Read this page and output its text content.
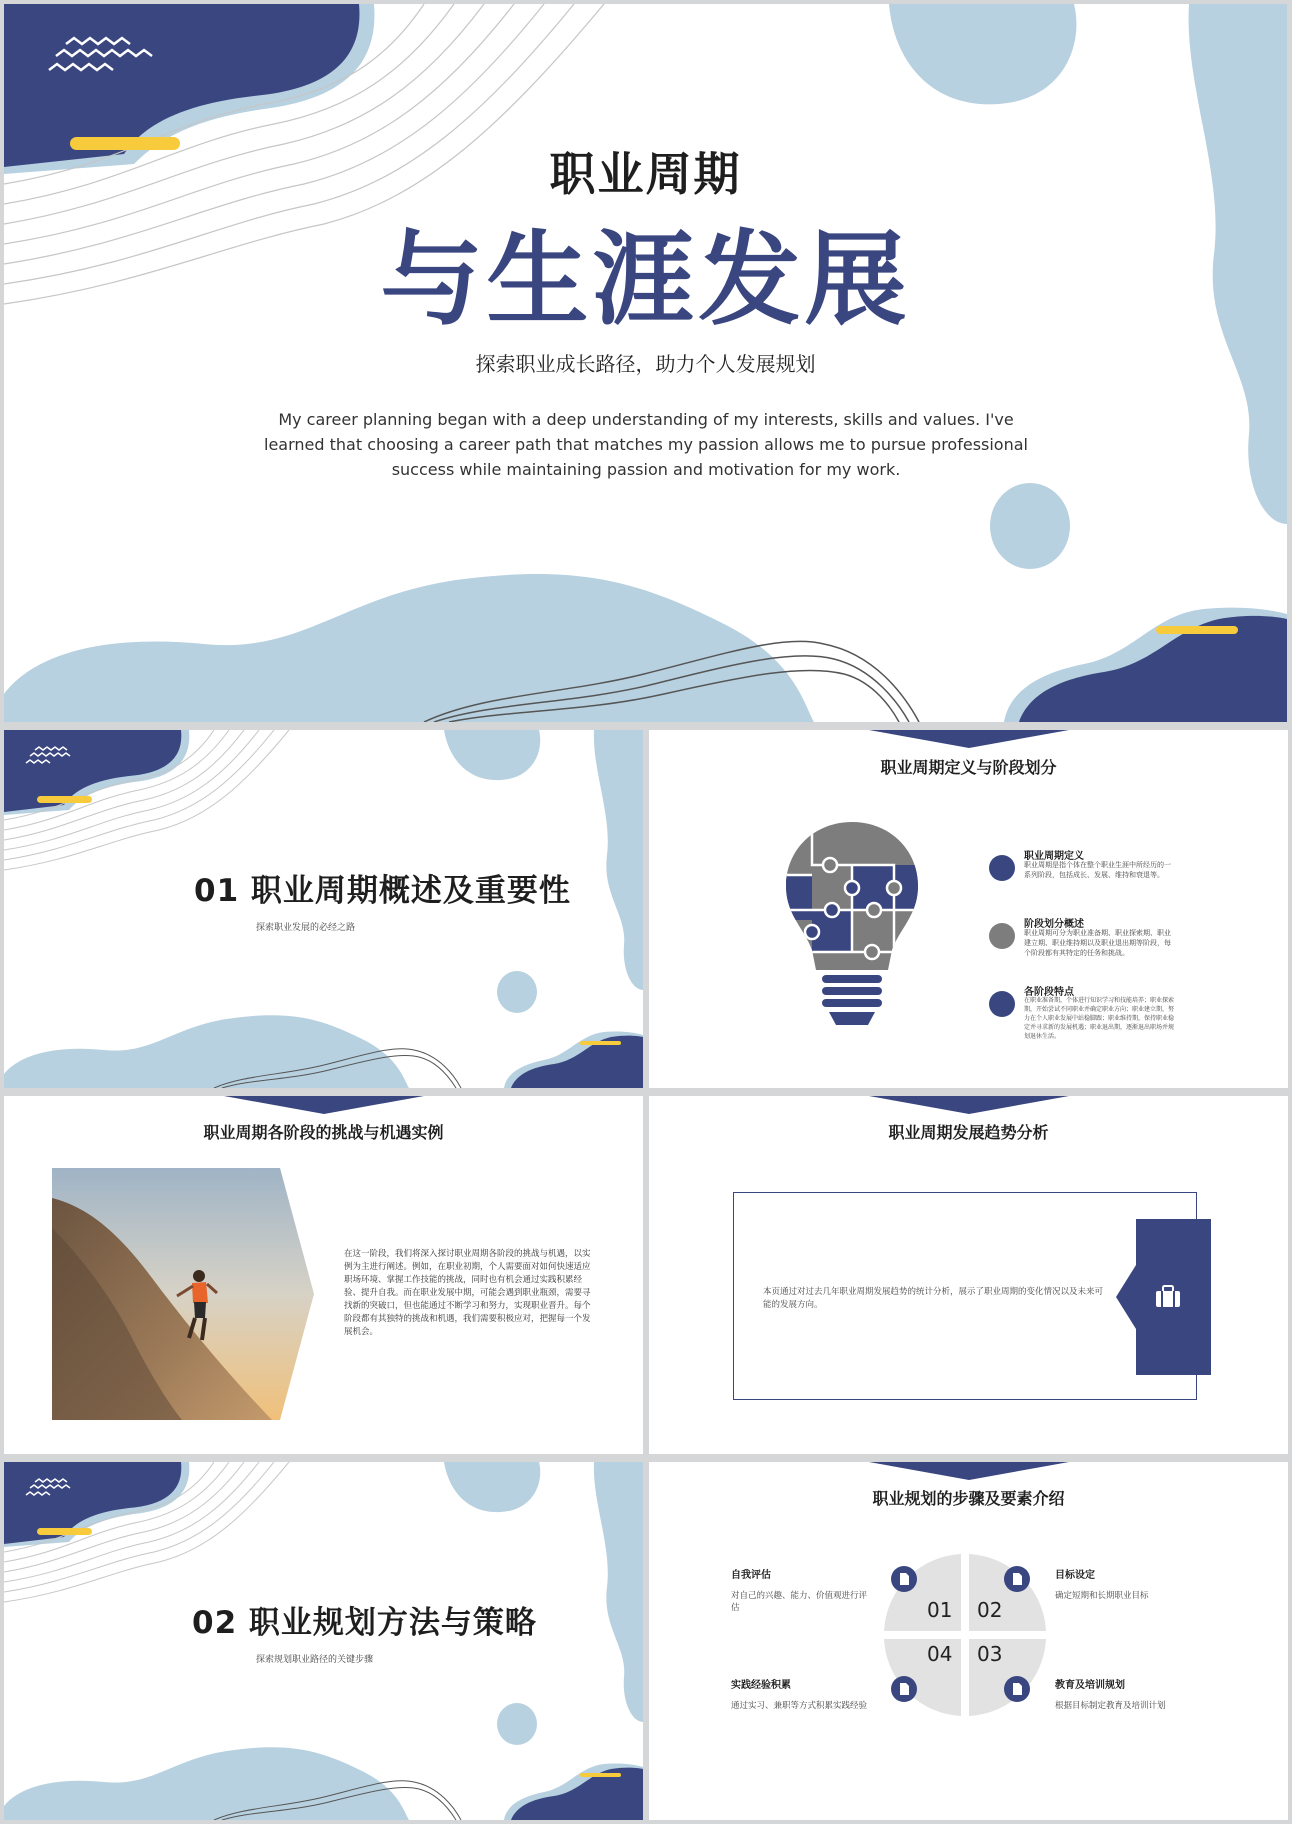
职业周期
与生涯发展
探索职业成长路径，助力个人发展规划
My career planning began with a deep understanding of my interests, skills and values. I've learned that choosing a career path that matches my passion allows me to pursue professional success while maintaining passion and motivation for my work.
01 职业周期概述及重要性
探索职业发展的必经之路
职业周期定义与阶段划分
职业周期定义
职业周期是指个体在整个职业生涯中所经历的一系列阶段，包括成长、发展、维持和衰退等。
阶段划分概述
职业周期可分为职业准备期、职业探索期、职业建立期、职业维持期以及职业退出期等阶段，每个阶段都有其特定的任务和挑战。
各阶段特点
在职业准备期，个体进行知识学习和技能培养；职业探索期，开始尝试不同职业并确定职业方向；职业建立期，努力在个人职业发展中站稳脚跟；职业维持期，保持职业稳定并寻求新的发展机遇；职业退出期，逐渐退出职场并规划退休生活。
职业周期各阶段的挑战与机遇实例
在这一阶段，我们将深入探讨职业周期各阶段的挑战与机遇，以实例为主进行阐述。例如，在职业初期，个人需要面对如何快速适应职场环境、掌握工作技能的挑战，同时也有机会通过实践积累经验、提升自我。而在职业发展中期，可能会遇到职业瓶颈，需要寻找新的突破口，但也能通过不断学习和努力，实现职业晋升。每个阶段都有其独特的挑战和机遇，我们需要积极应对，把握每一个发展机会。
职业周期发展趋势分析
本页通过对过去几年职业周期发展趋势的统计分析，展示了职业周期的变化情况以及未来可能的发展方向。
02 职业规划方法与策略
探索规划职业路径的关键步骤
职业规划的步骤及要素介绍
01 02
03
04
自我评估
对自己的兴趣、能力、价值观进行评估
目标设定
确定短期和长期职业目标
实践经验积累
通过实习、兼职等方式积累实践经验
教育及培训规划
根据目标制定教育及培训计划
